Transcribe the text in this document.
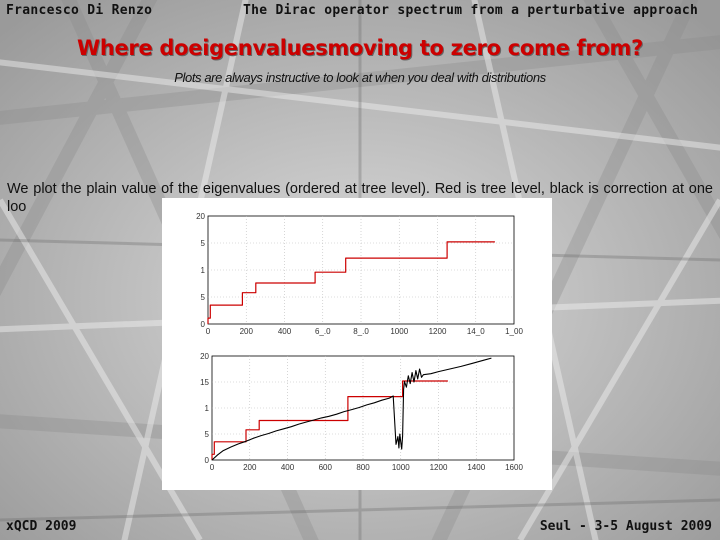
Francesco Di Renzo	The Dirac operator spectrum from a perturbative approach
Where doeigenvaluesmoving to zero come from?
Plots are always instructive to look at when you deal with distributions
We plot the plain value of the eigenvalues (ordered at tree level). Red is tree level, black is correction at one loo
0	200	400	6_.0	8_.0	1000	1200	14_0	1_00
0
5
1
5
20
0	200	400	600	800	1000 1200 1400 1600
0
5
1
15
20
xQCD 2009	Seul - 3-5 August 2009
